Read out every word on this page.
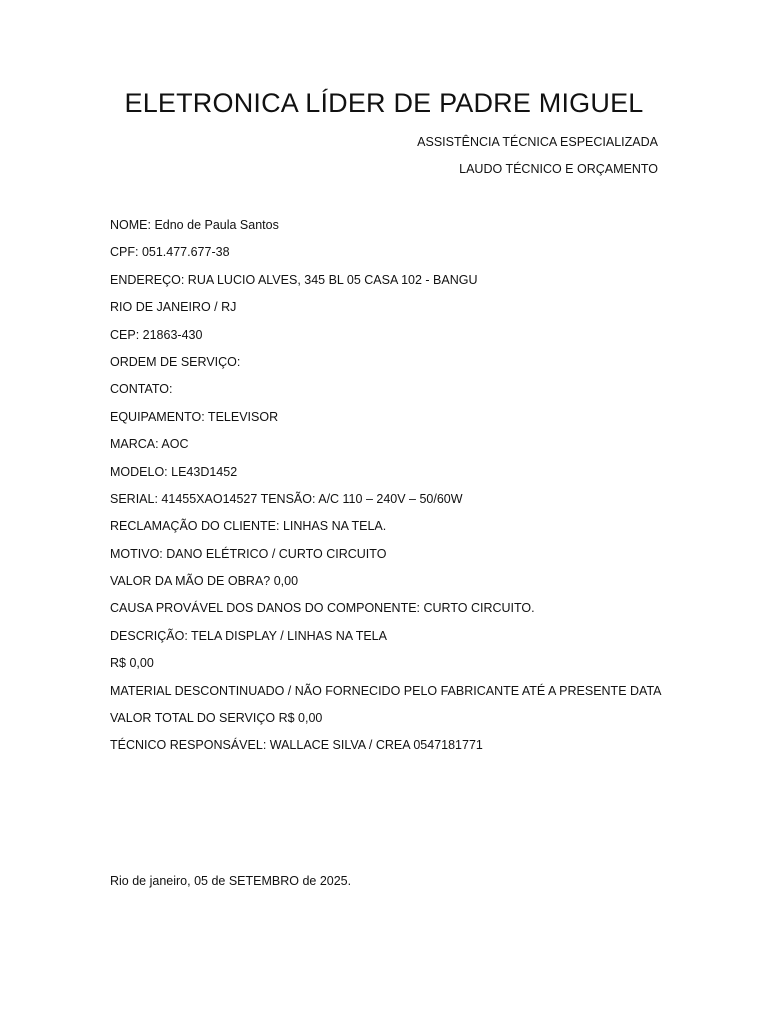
ELETRONICA LÍDER DE PADRE MIGUEL
ASSISTÊNCIA TÉCNICA ESPECIALIZADA
LAUDO TÉCNICO E ORÇAMENTO
NOME: Edno de Paula Santos
CPF: 051.477.677-38
ENDEREÇO: RUA LUCIO ALVES, 345 BL 05 CASA 102 - BANGU
RIO DE JANEIRO / RJ
CEP: 21863-430
ORDEM DE SERVIÇO:
CONTATO:
EQUIPAMENTO: TELEVISOR
MARCA: AOC
MODELO: LE43D1452
SERIAL: 41455XAO14527 TENSÃO: A/C 110 – 240V – 50/60W
RECLAMAÇÃO DO CLIENTE: LINHAS NA TELA.
MOTIVO: DANO ELÉTRICO / CURTO CIRCUITO
VALOR DA MÃO DE OBRA? 0,00
CAUSA PROVÁVEL DOS DANOS DO COMPONENTE: CURTO CIRCUITO.
DESCRIÇÃO: TELA DISPLAY / LINHAS NA TELA
R$ 0,00
MATERIAL DESCONTINUADO / NÃO FORNECIDO PELO FABRICANTE ATÉ A PRESENTE DATA
VALOR TOTAL DO SERVIÇO R$ 0,00
TÉCNICO RESPONSÁVEL: WALLACE SILVA / CREA 0547181771
Rio de janeiro, 05 de SETEMBRO de 2025.
